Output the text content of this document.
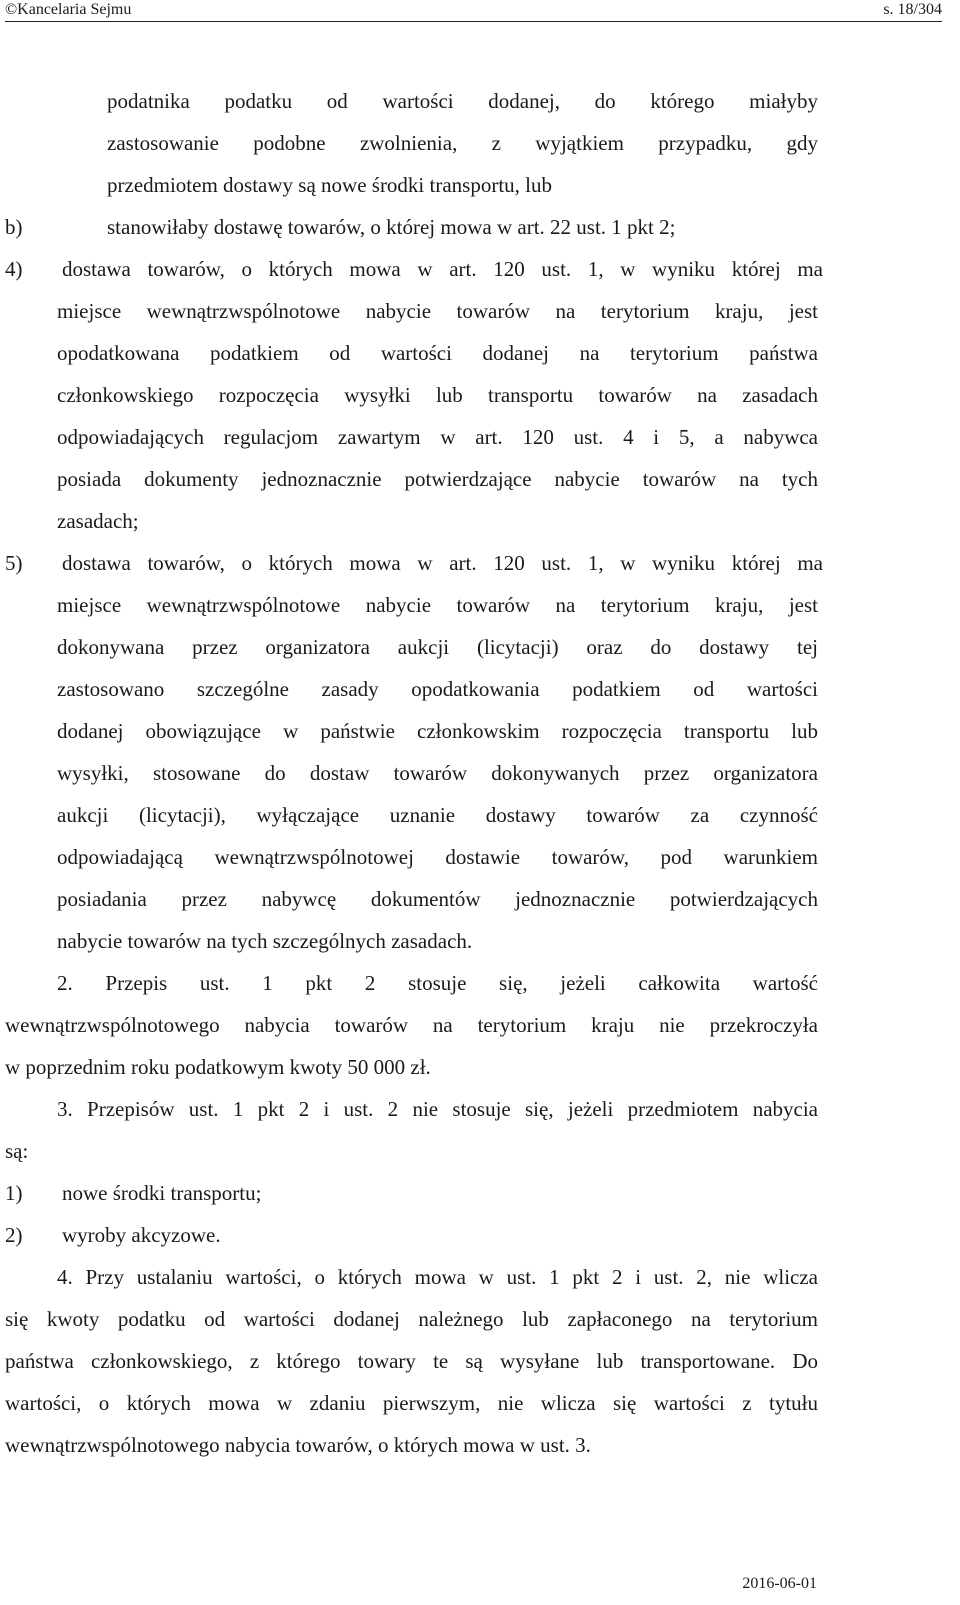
©Kancelaria Sejmu	s. 18/304
podatnika podatku od wartości dodanej, do którego miałyby
zastosowanie podobne zwolnienia, z wyjątkiem przypadku, gdy
przedmiotem dostawy są nowe środki transportu, lub
b)	stanowiłaby dostawę towarów, o której mowa w art. 22 ust. 1 pkt 2;
4) dostawa towarów, o których mowa w art. 120 ust. 1, w wyniku której ma
miejsce wewnątrzwspólnotowe nabycie towarów na terytorium kraju, jest
opodatkowana podatkiem od wartości dodanej na terytorium państwa
członkowskiego rozpoczęcia wysyłki lub transportu towarów na zasadach
odpowiadających regulacjom zawartym w art. 120 ust. 4 i 5, a nabywca
posiada dokumenty jednoznacznie potwierdzające nabycie towarów na tych
zasadach;
5) dostawa towarów, o których mowa w art. 120 ust. 1, w wyniku której ma
miejsce wewnątrzwspólnotowe nabycie towarów na terytorium kraju, jest
dokonywana przez organizatora aukcji (licytacji) oraz do dostawy tej
zastosowano szczególne zasady opodatkowania podatkiem od wartości
dodanej obowiązujące w państwie członkowskim rozpoczęcia transportu lub
wysyłki, stosowane do dostaw towarów dokonywanych przez organizatora
aukcji (licytacji), wyłączające uznanie dostawy towarów za czynność
odpowiadającą wewnątrzwspólnotowej dostawie towarów, pod warunkiem
posiadania przez nabywcę dokumentów jednoznacznie potwierdzających
nabycie towarów na tych szczególnych zasadach.
2. Przepis ust. 1 pkt 2 stosuje się, jeżeli całkowita wartość
wewnątrzwspólnotowego nabycia towarów na terytorium kraju nie przekroczyła
w poprzednim roku podatkowym kwoty 50 000 zł.
3. Przepisów ust. 1 pkt 2 i ust. 2 nie stosuje się, jeżeli przedmiotem nabycia
są:
1) nowe środki transportu;
2) wyroby akcyzowe.
4. Przy ustalaniu wartości, o których mowa w ust. 1 pkt 2 i ust. 2, nie wlicza
się kwoty podatku od wartości dodanej należnego lub zapłaconego na terytorium
państwa członkowskiego, z którego towary te są wysyłane lub transportowane. Do
wartości, o których mowa w zdaniu pierwszym, nie wlicza się wartości z tytułu
wewnątrzwspólnotowego nabycia towarów, o których mowa w ust. 3.
2016-06-01
